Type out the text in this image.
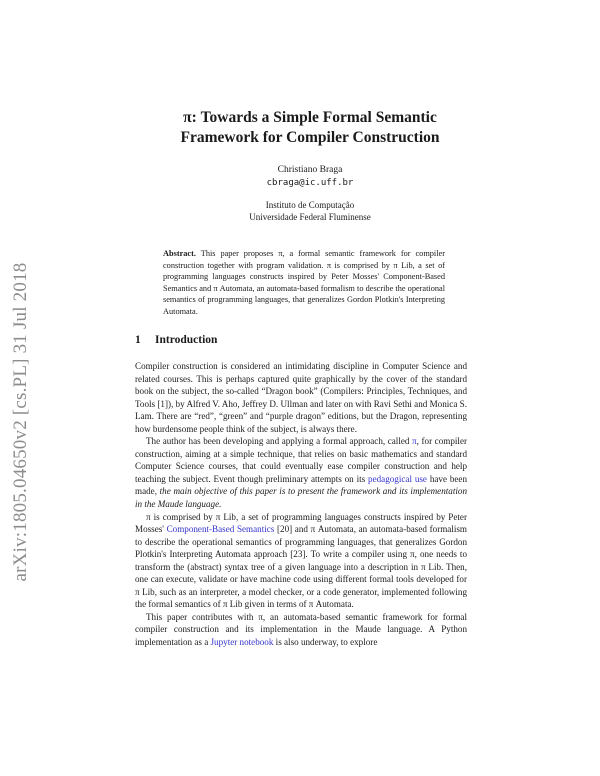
arXiv:1805.04650v2 [cs.PL] 31 Jul 2018
π: Towards a Simple Formal Semantic
Framework for Compiler Construction
Christiano Braga
cbraga@ic.uff.br
Instituto de Computação
Universidade Federal Fluminense
Abstract. This paper proposes π, a formal semantic framework for compiler construction together with program validation. π is comprised by π Lib, a set of programming languages constructs inspired by Peter Mosses' Component-Based Semantics and π Automata, an automata-based formalism to describe the operational semantics of programming languages, that generalizes Gordon Plotkin's Interpreting Automata.
1 Introduction

Compiler construction is considered an intimidating discipline in Computer Science and related courses. This is perhaps captured quite graphically by the cover of the standard book on the subject, the so-called “Dragon book” (Compilers: Principles, Techniques, and Tools [1]), by Alfred V. Aho, Jeffrey D. Ullman and later on with Ravi Sethi and Monica S. Lam. There are “red”, “green” and “purple dragon” editions, but the Dragon, representing how burdensome people think of the subject, is always there.

The author has been developing and applying a formal approach, called π, for compiler construction, aiming at a simple technique, that relies on basic mathematics and standard Computer Science courses, that could eventually ease compiler construction and help teaching the subject. Event though preliminary attempts on its pedagogical use have been made, the main objective of this paper is to present the framework and its implementation in the Maude language.

π is comprised by π Lib, a set of programming languages constructs inspired by Peter Mosses' Component-Based Semantics [20] and π Automata, an automata-based formalism to describe the operational semantics of programming languages, that generalizes Gordon Plotkin's Interpreting Automata approach [23]. To write a compiler using π, one needs to transform the (abstract) syntax tree of a given language into a description in π Lib. Then, one can execute, validate or have machine code using different formal tools developed for π Lib, such as an interpreter, a model checker, or a code generator, implemented following the formal semantics of π Lib given in terms of π Automata.

This paper contributes with π, an automata-based semantic framework for formal compiler construction and its implementation in the Maude language. A Python implementation as a Jupyter notebook is also underway, to explore
